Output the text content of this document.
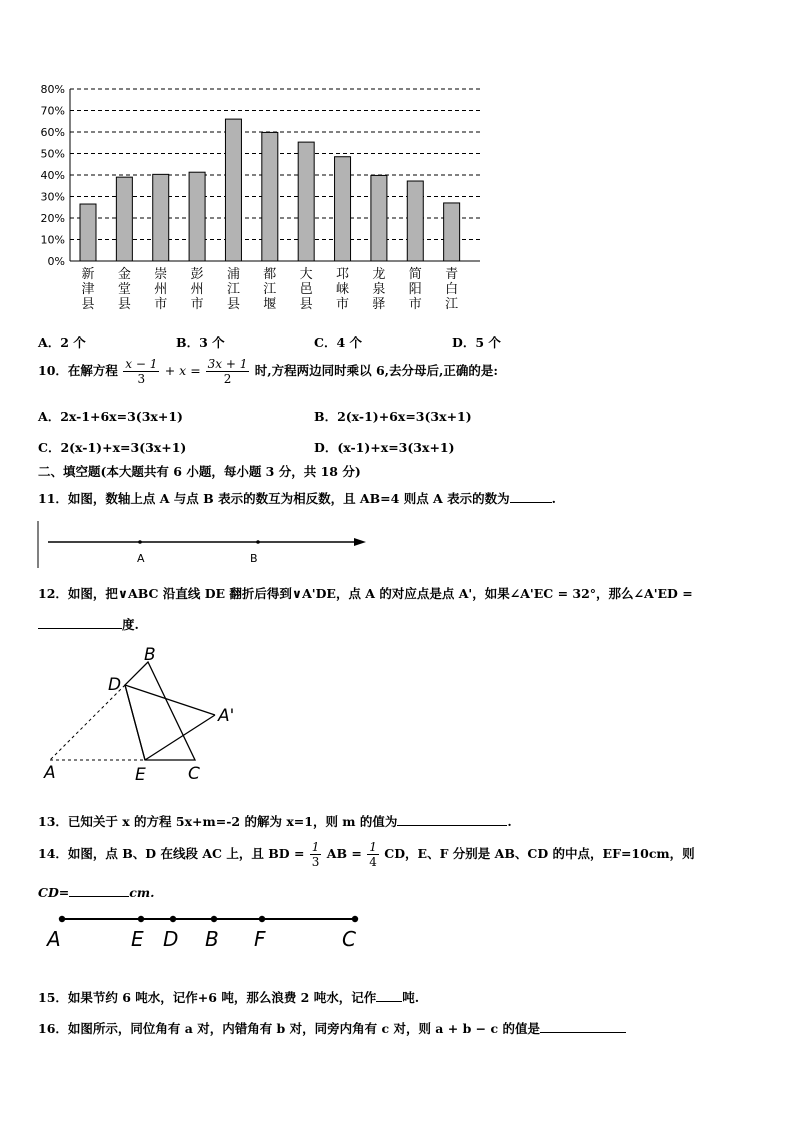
0%
10%
20%
30%
40%
50%
60%
70%
80%
新津县
金堂县
崇州市
彭州市
浦江县
都江堰
大邑县
邛崃市
龙泉驿
简阳市
青白江
A．2 个	B．3 个	C．4 个	D．5 个
10．在解方程 $\frac{x - 1}{3} + x = \frac{3x + 1}{2}$ 时,方程两边同时乘以 6,去分母后,正确的是:
A．2x-1+6x=3(3x+1)	B．2(x-1)+6x=3(3x+1)
C．2(x-1)+x=3(3x+1)	D．(x-1)+x=3(3x+1)
二、填空题(本大题共有 6 小题，每小题 3 分，共 18 分)
11．如图，数轴上点 A 与点 B 表示的数互为相反数，且 AB=4 则点 A 表示的数为	.
A	B
12．如图，把∨ABC 沿直线 DE 翻折后得到∨A'DE，点 A 的对应点是点 A'，如果∠A'EC = 32°，那么∠A'ED =
度.
B
D
A'
A	E C
13．已知关于 x 的方程 5x+m=-2 的解为 x=1，则 m 的值为	.
14．如图，点 B、D 在线段 AC 上，且 BD = $\frac{1}{3}$ AB = $\frac{1}{4}$ CD，E、F 分别是 AB、CD 的中点，EF=10cm，则
CD=	cm.
A	E D B F	C
15．如果节约 6 吨水，记作+6 吨，那么浪费 2 吨水，记作 吨.
16．如图所示，同位角有 a 对，内错角有 b 对，同旁内角有 c 对，则 a + b − c 的值是
